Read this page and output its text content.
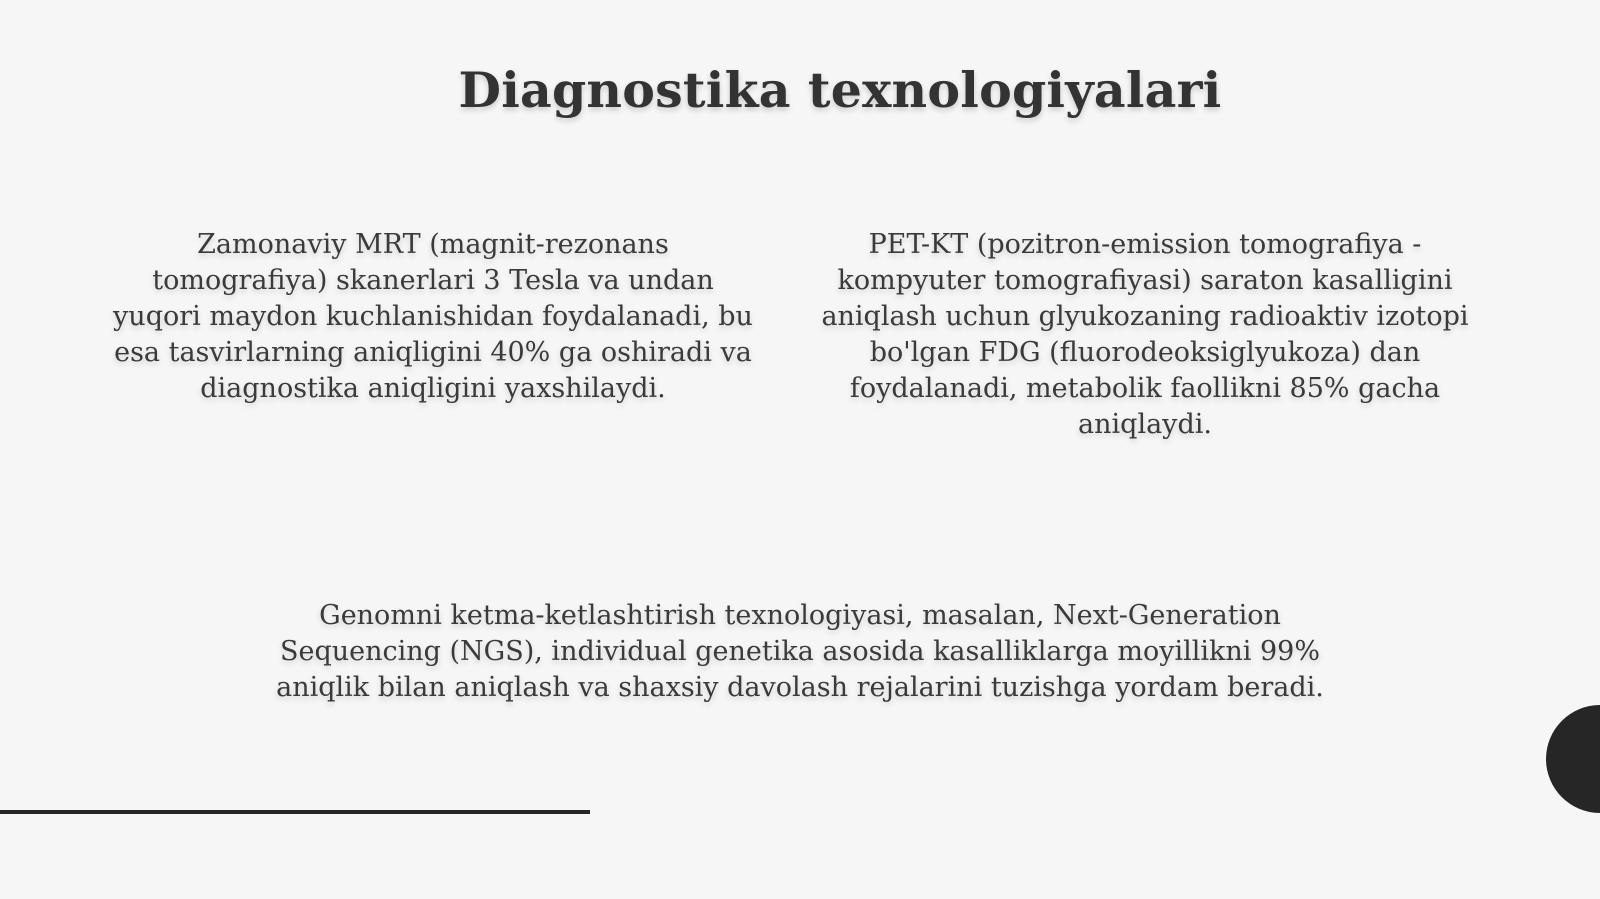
Diagnostika texnologiyalari

Zamonaviy MRT (magnit-rezonans tomografiya) skanerlari 3 Tesla va undan yuqori maydon kuchlanishidan foydalanadi, bu esa tasvirlarning aniqligini 40% ga oshiradi va diagnostika aniqligini yaxshilaydi.

PET-KT (pozitron-emission tomografiya - kompyuter tomografiyasi) saraton kasalligini aniqlash uchun glyukozaning radioaktiv izotopi bo'lgan FDG (fluorodeoksiglyukoza) dan foydalanadi, metabolik faollikni 85% gacha aniqlaydi.

Genomni ketma-ketlashtirish texnologiyasi, masalan, Next-Generation Sequencing (NGS), individual genetika asosida kasalliklarga moyillikni 99% aniqlik bilan aniqlash va shaxsiy davolash rejalarini tuzishga yordam beradi.
